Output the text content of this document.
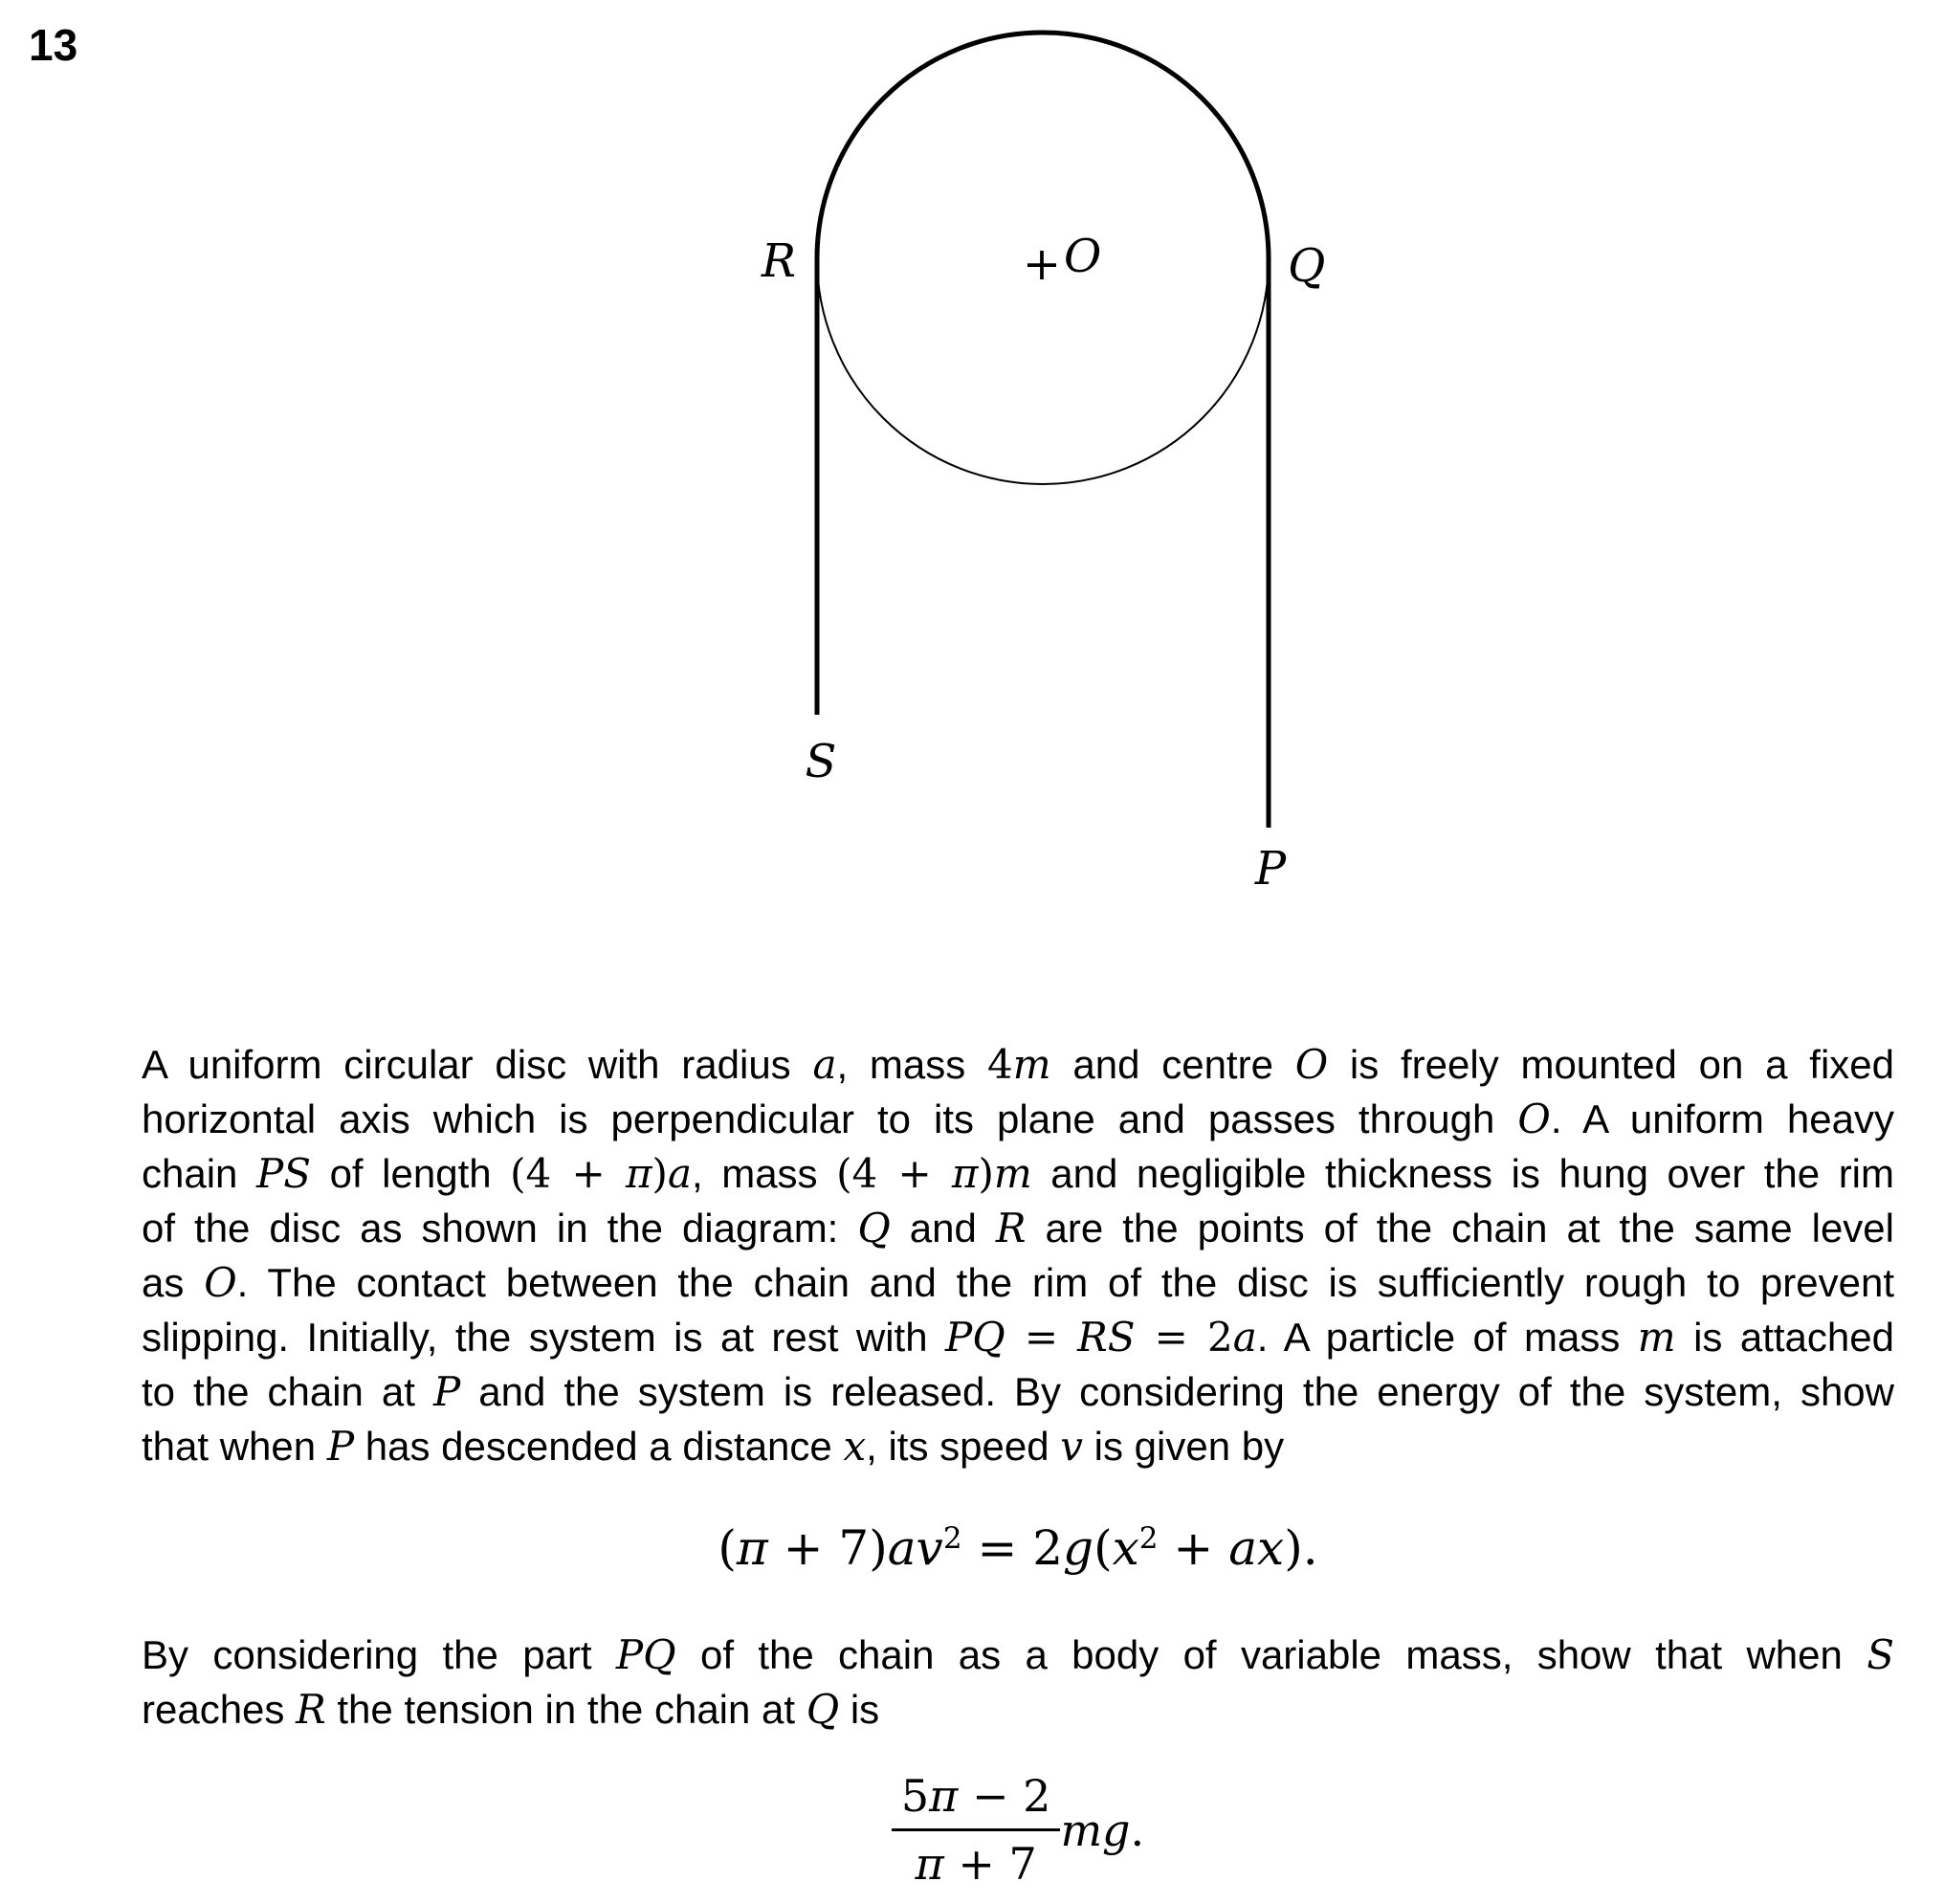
13
R	Q
S
P
+ O
A uniform circular disc with radius a, mass 4m and centre O is freely mounted on a fixed
horizontal axis which is perpendicular to its plane and passes through O. A uniform heavy
chain PS of length (4 + π)a, mass (4 + π)m and negligible thickness is hung over the rim
of the disc as shown in the diagram: Q and R are the points of the chain at the same level
as O. The contact between the chain and the rim of the disc is sufficiently rough to prevent
slipping. Initially, the system is at rest with PQ = RS = 2a. A particle of mass m is attached
to the chain at P and the system is released. By considering the energy of the system, show
that when P has descended a distance x, its speed v is given by
$(\pi + 7)av^2 = 2g(x^2 + ax)$.
By considering the part PQ of the chain as a body of variable mass, show that when S
reaches R the tension in the chain at Q is
$\frac{5\pi - 2}{\pi + 7}$ mg.
